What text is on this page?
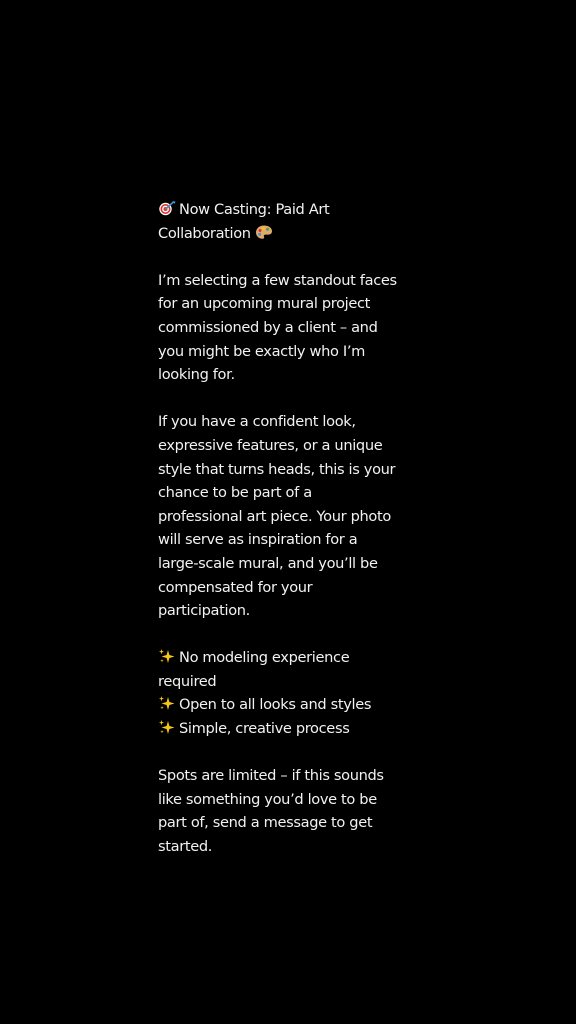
Now Casting: Paid Art
Collaboration

I’m selecting a few standout faces for an upcoming mural project commissioned by a client – and you might be exactly who I’m looking for.

If you have a confident look, expressive features, or a unique style that turns heads, this is your chance to be part of a professional art piece. Your photo will serve as inspiration for a large-scale mural, and you’ll be compensated for your participation.

No modeling experience required
Open to all looks and styles
Simple, creative process

Spots are limited – if this sounds like something you’d love to be part of, send a message to get started.
